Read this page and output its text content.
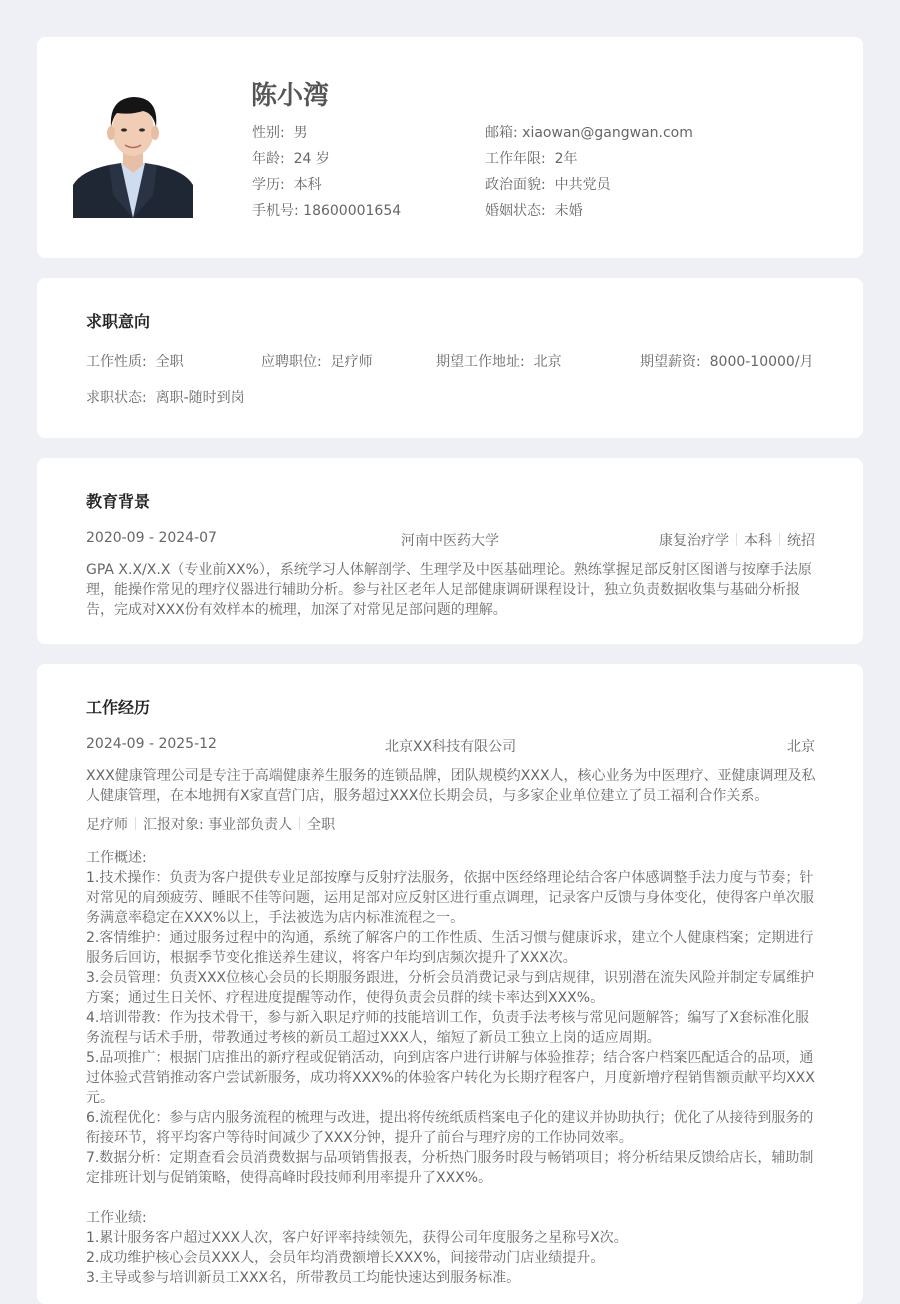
陈小湾
性别: 男
年龄: 24 岁
学历: 本科
手机号: 18600001654
邮箱: xiaowan@gangwan.com
工作年限: 2年
政治面貌: 中共党员
婚姻状态: 未婚
求职意向
工作性质: 全职	应聘职位: 足疗师	期望工作地址: 北京	期望薪资: 8000-10000/月
求职状态: 离职-随时到岗
教育背景
2020-09 - 2024-07	河南中医药大学	康复治疗学 本科 统招

GPA X.X/X.X（专业前XX%），系统学习人体解剖学、生理学及中医基础理论。熟练掌握足部反射区图谱与按摩手法原理，能操作常见的理疗仪器进行辅助分析。参与社区老年人足部健康调研课程设计，独立负责数据收集与基础分析报告，完成对XXX份有效样本的梳理，加深了对常见足部问题的理解。

工作经历
2024-09 - 2025-12	北京XX科技有限公司	北京

XXX健康管理公司是专注于高端健康养生服务的连锁品牌，团队规模约XXX人，核心业务为中医理疗、亚健康调理及私人健康管理，在本地拥有X家直营门店，服务超过XXX位长期会员，与多家企业单位建立了员工福利合作关系。

足疗师 汇报对象: 事业部负责人 全职
工作概述:
1.技术操作：负责为客户提供专业足部按摩与反射疗法服务，依据中医经络理论结合客户体感调整手法力度与节奏；针对常见的肩颈疲劳、睡眠不佳等问题，运用足部对应反射区进行重点调理，记录客户反馈与身体变化，使得客户单次服务满意率稳定在XXX%以上，手法被选为店内标准流程之一。
2.客情维护：通过服务过程中的沟通，系统了解客户的工作性质、生活习惯与健康诉求，建立个人健康档案；定期进行服务后回访，根据季节变化推送养生建议，将客户年均到店频次提升了XXX次。
3.会员管理：负责XXX位核心会员的长期服务跟进，分析会员消费记录与到店规律，识别潜在流失风险并制定专属维护方案；通过生日关怀、疗程进度提醒等动作，使得负责会员群的续卡率达到XXX%。
4.培训带教：作为技术骨干，参与新入职足疗师的技能培训工作，负责手法考核与常见问题解答；编写了X套标准化服务流程与话术手册，带教通过考核的新员工超过XXX人，缩短了新员工独立上岗的适应周期。
5.品项推广：根据门店推出的新疗程或促销活动，向到店客户进行讲解与体验推荐；结合客户档案匹配适合的品项，通过体验式营销推动客户尝试新服务，成功将XXX%的体验客户转化为长期疗程客户，月度新增疗程销售额贡献平均XXX元。
6.流程优化：参与店内服务流程的梳理与改进，提出将传统纸质档案电子化的建议并协助执行；优化了从接待到服务的衔接环节，将平均客户等待时间减少了XXX分钟，提升了前台与理疗房的工作协同效率。
7.数据分析：定期查看会员消费数据与品项销售报表，分析热门服务时段与畅销项目；将分析结果反馈给店长，辅助制定排班计划与促销策略，使得高峰时段技师利用率提升了XXX%。
工作业绩:
1.累计服务客户超过XXX人次，客户好评率持续领先，获得公司年度服务之星称号X次。
2.成功维护核心会员XXX人，会员年均消费额增长XXX%，间接带动门店业绩提升。
3.主导或参与培训新员工XXX名，所带教员工均能快速达到服务标准。
